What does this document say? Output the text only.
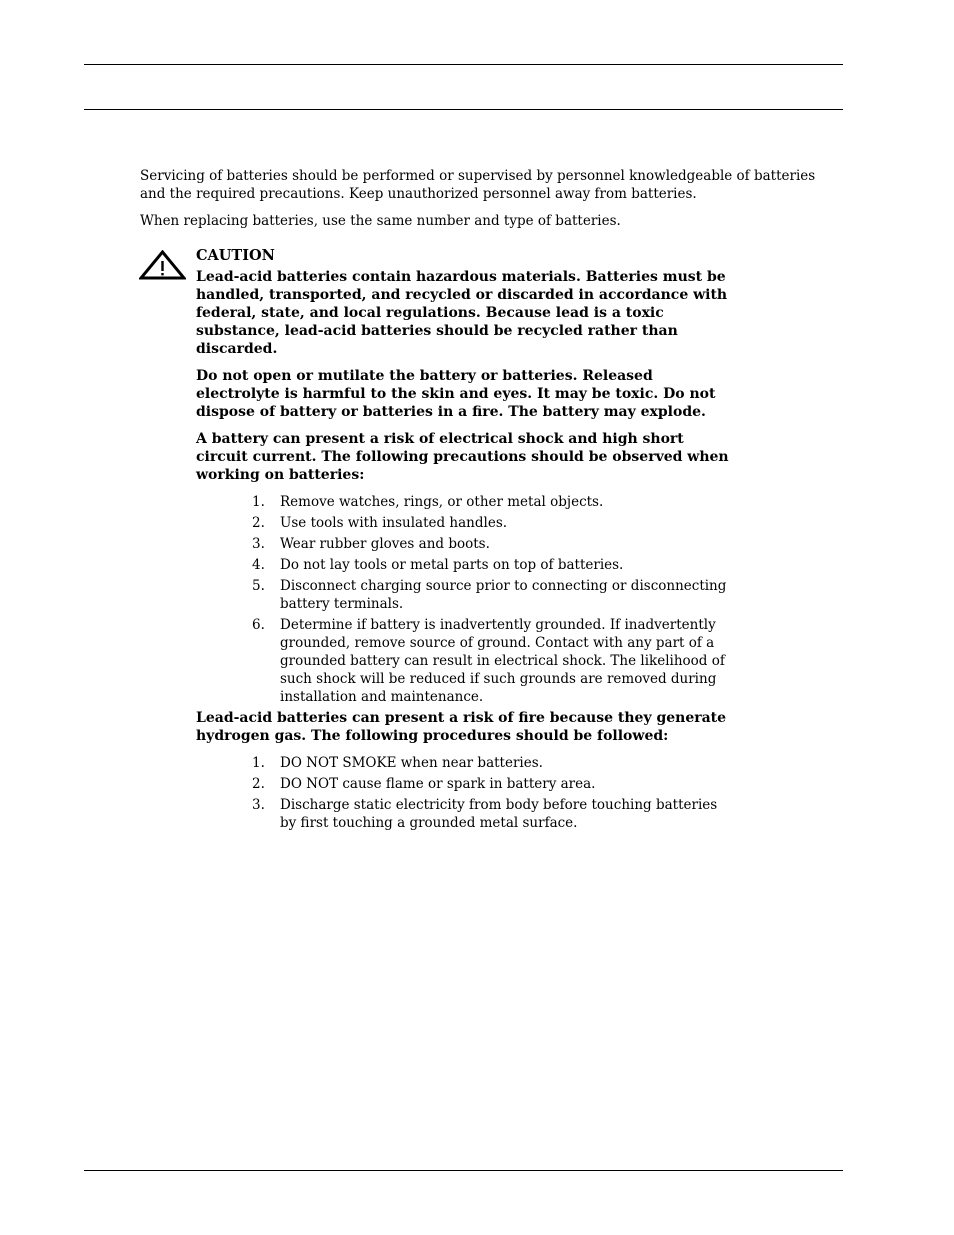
Servicing of batteries should be performed or supervised by personnel knowledgeable of batteries and the required precautions. Keep unauthorized personnel away from batteries.

When replacing batteries, use the same number and type of batteries.

CAUTION

Lead-acid batteries contain hazardous materials. Batteries must be handled, transported, and recycled or discarded in accordance with federal, state, and local regulations. Because lead is a toxic substance, lead-acid batteries should be recycled rather than discarded.

Do not open or mutilate the battery or batteries. Released electrolyte is harmful to the skin and eyes. It may be toxic. Do not dispose of battery or batteries in a fire. The battery may explode.

A battery can present a risk of electrical shock and high short circuit current. The following precautions should be observed when working on batteries:

1. Remove watches, rings, or other metal objects.
2. Use tools with insulated handles.
3. Wear rubber gloves and boots.
4. Do not lay tools or metal parts on top of batteries.
5. Disconnect charging source prior to connecting or disconnecting battery terminals.
6. Determine if battery is inadvertently grounded. If inadvertently grounded, remove source of ground. Contact with any part of a grounded battery can result in electrical shock. The likelihood of such shock will be reduced if such grounds are removed during installation and maintenance.

Lead-acid batteries can present a risk of fire because they generate hydrogen gas. The following procedures should be followed:

1. DO NOT SMOKE when near batteries.
2. DO NOT cause flame or spark in battery area.
3. Discharge static electricity from body before touching batteries by first touching a grounded metal surface.
